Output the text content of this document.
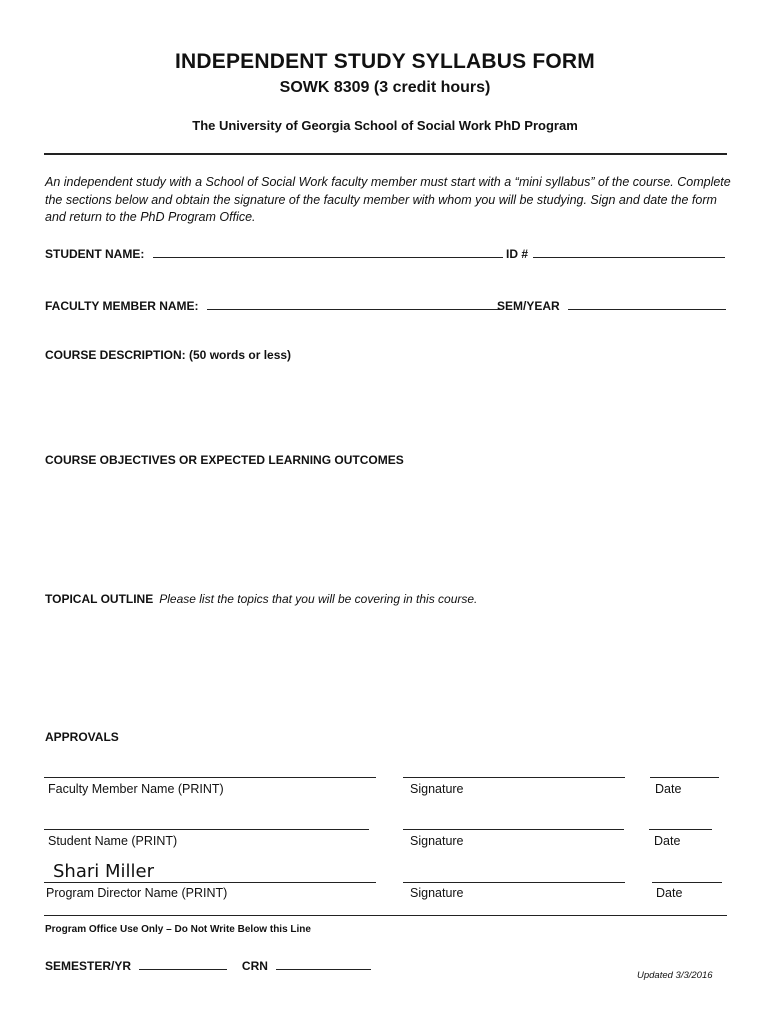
INDEPENDENT STUDY SYLLABUS FORM
SOWK 8309 (3 credit hours)
The University of Georgia School of Social Work PhD Program
An independent study with a School of Social Work faculty member must start with a “mini syllabus” of the course. Complete the sections below and obtain the signature of the faculty member with whom you will be studying. Sign and date the form and return to the PhD Program Office.
STUDENT NAME:	ID #
FACULTY MEMBER NAME:	SEM/YEAR
COURSE DESCRIPTION: (50 words or less)
COURSE OBJECTIVES OR EXPECTED LEARNING OUTCOMES
TOPICAL OUTLINE Please list the topics that you will be covering in this course.
APPROVALS
Faculty Member Name (PRINT)	Signature	Date
Student Name (PRINT)	Signature	Date
Shari Miller
Program Director Name (PRINT)	Signature	Date
Program Office Use Only – Do Not Write Below this Line
SEMESTER/YR	CRN
Updated 3/3/2016
